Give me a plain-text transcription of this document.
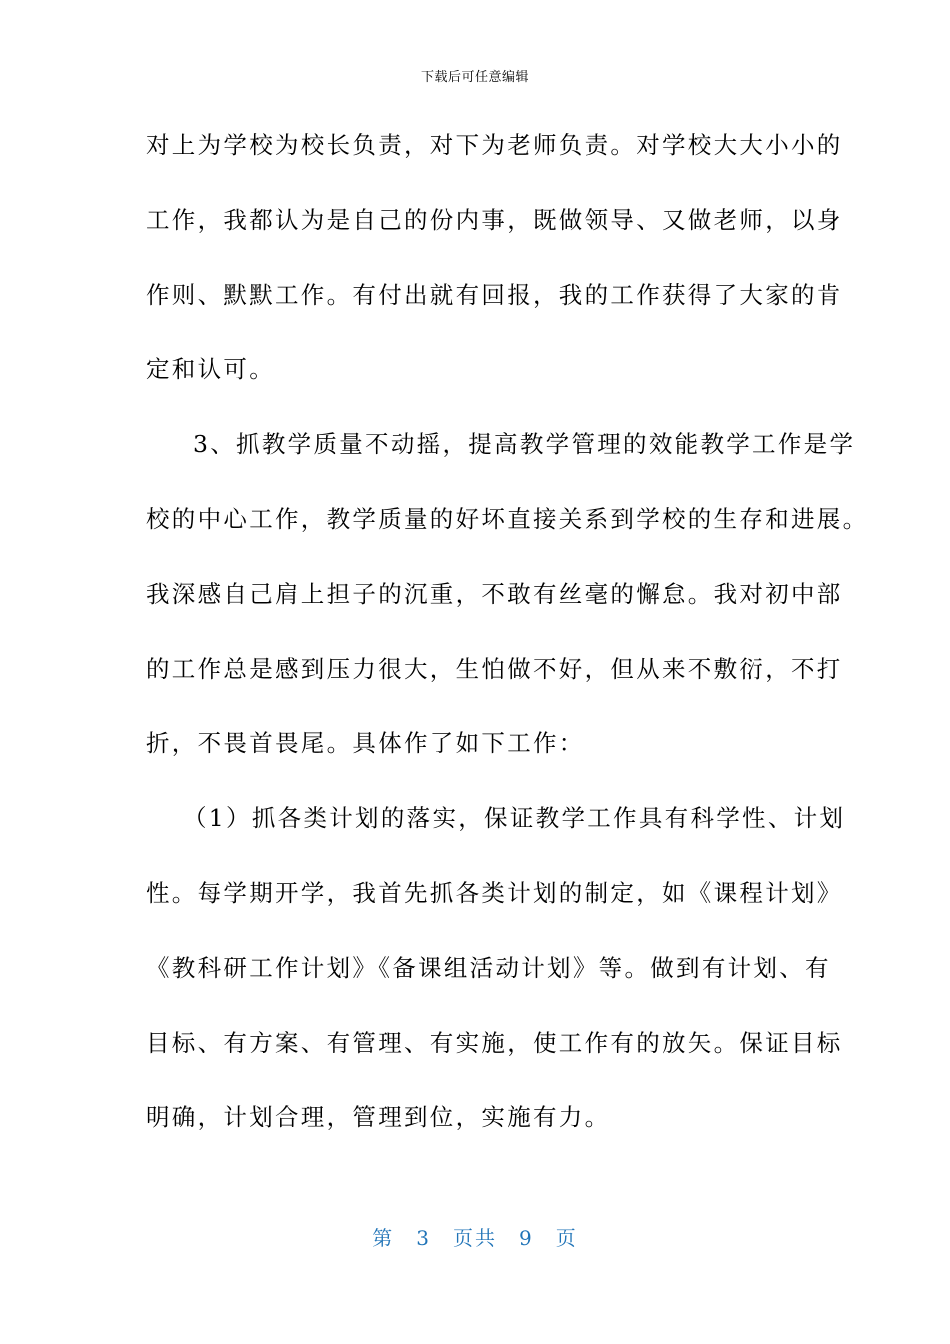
下载后可任意编辑
对上为学校为校长负责，对下为老师负责。对学校大大小小的
工作，我都认为是自己的份内事，既做领导、又做老师，以身
作则、默默工作。有付出就有回报，我的工作获得了大家的肯
定和认可。
3、抓教学质量不动摇，提高教学管理的效能教学工作是学
校的中心工作，教学质量的好坏直接关系到学校的生存和进展。
我深感自己肩上担子的沉重，不敢有丝毫的懈怠。我对初中部
的工作总是感到压力很大，生怕做不好，但从来不敷衍，不打
折，不畏首畏尾。具体作了如下工作：
（1）抓各类计划的落实，保证教学工作具有科学性、计划
性。每学期开学，我首先抓各类计划的制定，如《课程计划》
《教科研工作计划》《备课组活动计划》等。做到有计划、有
目标、有方案、有管理、有实施，使工作有的放矢。保证目标
明确，计划合理，管理到位，实施有力。
第 3 页共 9 页
